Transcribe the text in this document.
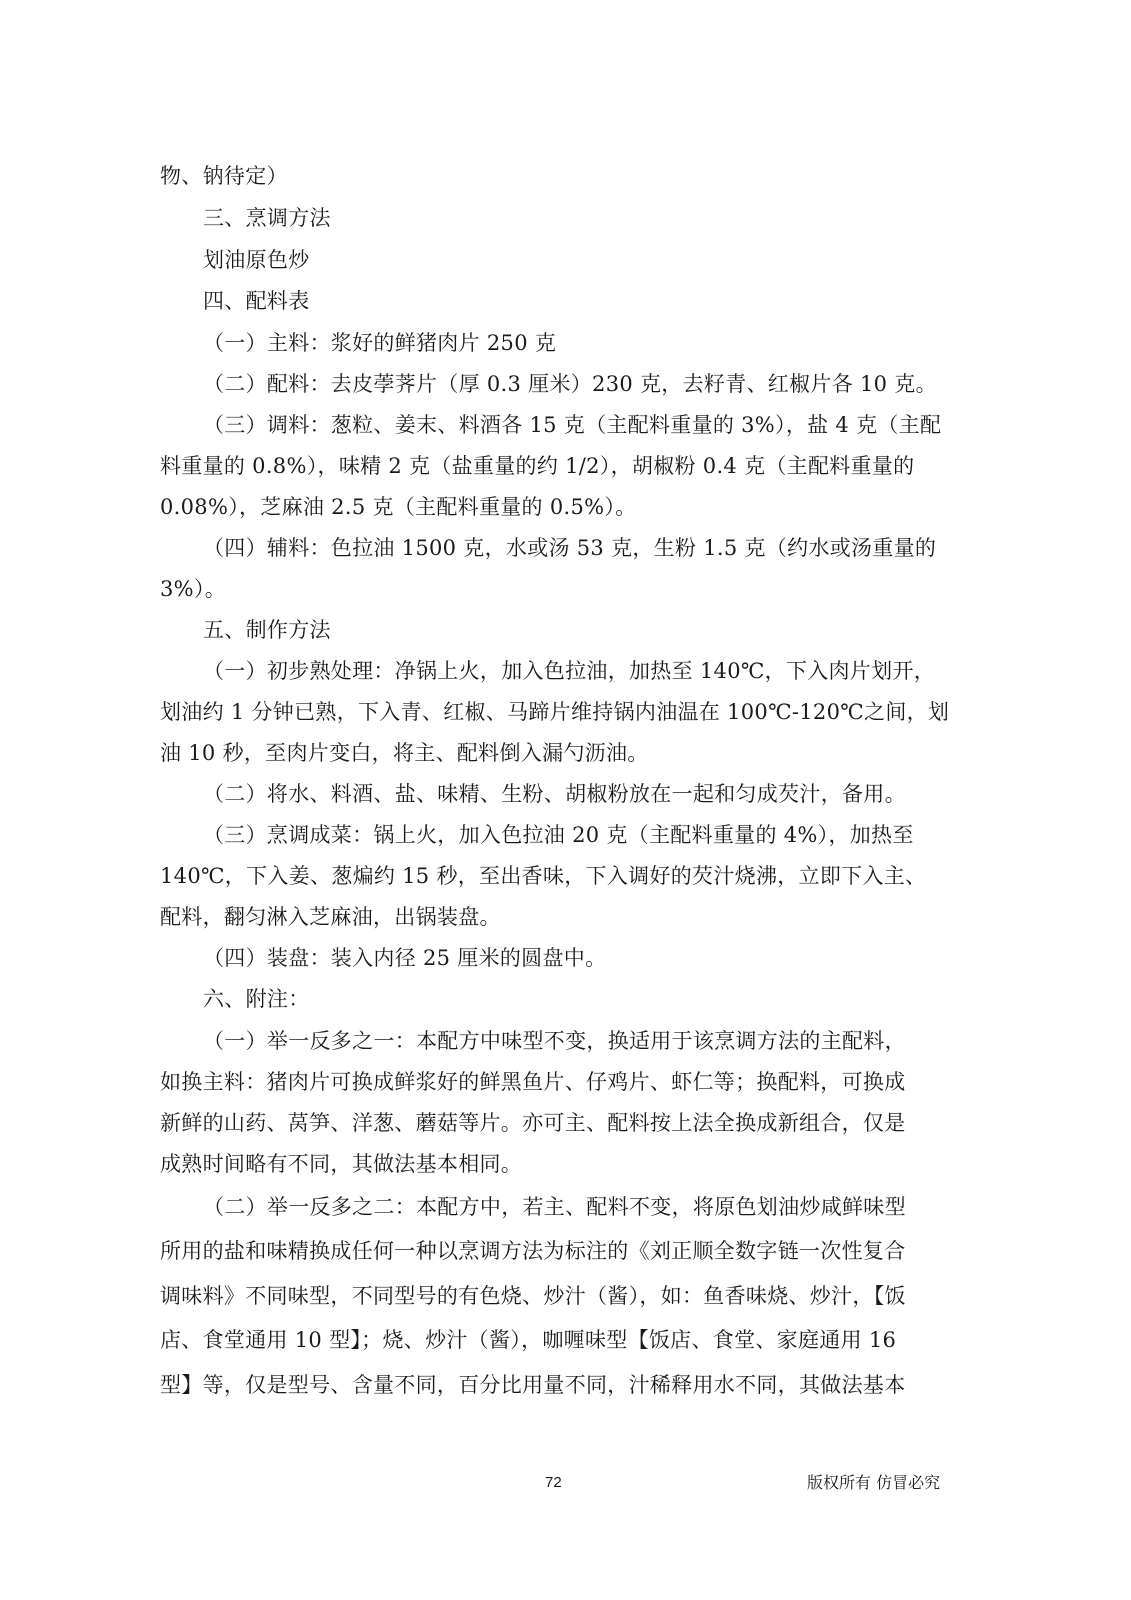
物、钠待定）
三、烹调方法
划油原色炒
四、配料表
（一）主料：浆好的鲜猪肉片 250 克
（二）配料：去皮荸荠片（厚 0.3 厘米）230 克，去籽青、红椒片各 10 克。
（三）调料：葱粒、姜末、料酒各 15 克（主配料重量的 3%），盐 4 克（主配
料重量的 0.8%），味精 2 克（盐重量的约 1/2），胡椒粉 0.4 克（主配料重量的
0.08%），芝麻油 2.5 克（主配料重量的 0.5%）。
（四）辅料：色拉油 1500 克，水或汤 53 克，生粉 1.5 克（约水或汤重量的
3%）。
五、制作方法
（一）初步熟处理：净锅上火，加入色拉油，加热至 140℃，下入肉片划开，
划油约 1 分钟已熟，下入青、红椒、马蹄片维持锅内油温在 100℃-120℃之间，划
油 10 秒，至肉片变白，将主、配料倒入漏勺沥油。
（二）将水、料酒、盐、味精、生粉、胡椒粉放在一起和匀成芡汁，备用。
（三）烹调成菜：锅上火，加入色拉油 20 克（主配料重量的 4%），加热至
140℃，下入姜、葱煸约 15 秒，至出香味，下入调好的芡汁烧沸，立即下入主、
配料，翻匀淋入芝麻油，出锅装盘。
（四）装盘：装入内径 25 厘米的圆盘中。
六、附注：
（一）举一反多之一：本配方中味型不变，换适用于该烹调方法的主配料，
如换主料：猪肉片可换成鲜浆好的鲜黑鱼片、仔鸡片、虾仁等；换配料，可换成
新鲜的山药、莴笋、洋葱、蘑菇等片。亦可主、配料按上法全换成新组合，仅是
成熟时间略有不同，其做法基本相同。
（二）举一反多之二：本配方中，若主、配料不变，将原色划油炒咸鲜味型
所用的盐和味精换成任何一种以烹调方法为标注的《刘正顺全数字链一次性复合
调味料》不同味型，不同型号的有色烧、炒汁（酱），如：鱼香味烧、炒汁，【饭
店、食堂通用 10 型】；烧、炒汁（酱），咖喱味型【饭店、食堂、家庭通用 16
型】等，仅是型号、含量不同，百分比用量不同，汁稀释用水不同，其做法基本
72	版权所有 仿冒必究
